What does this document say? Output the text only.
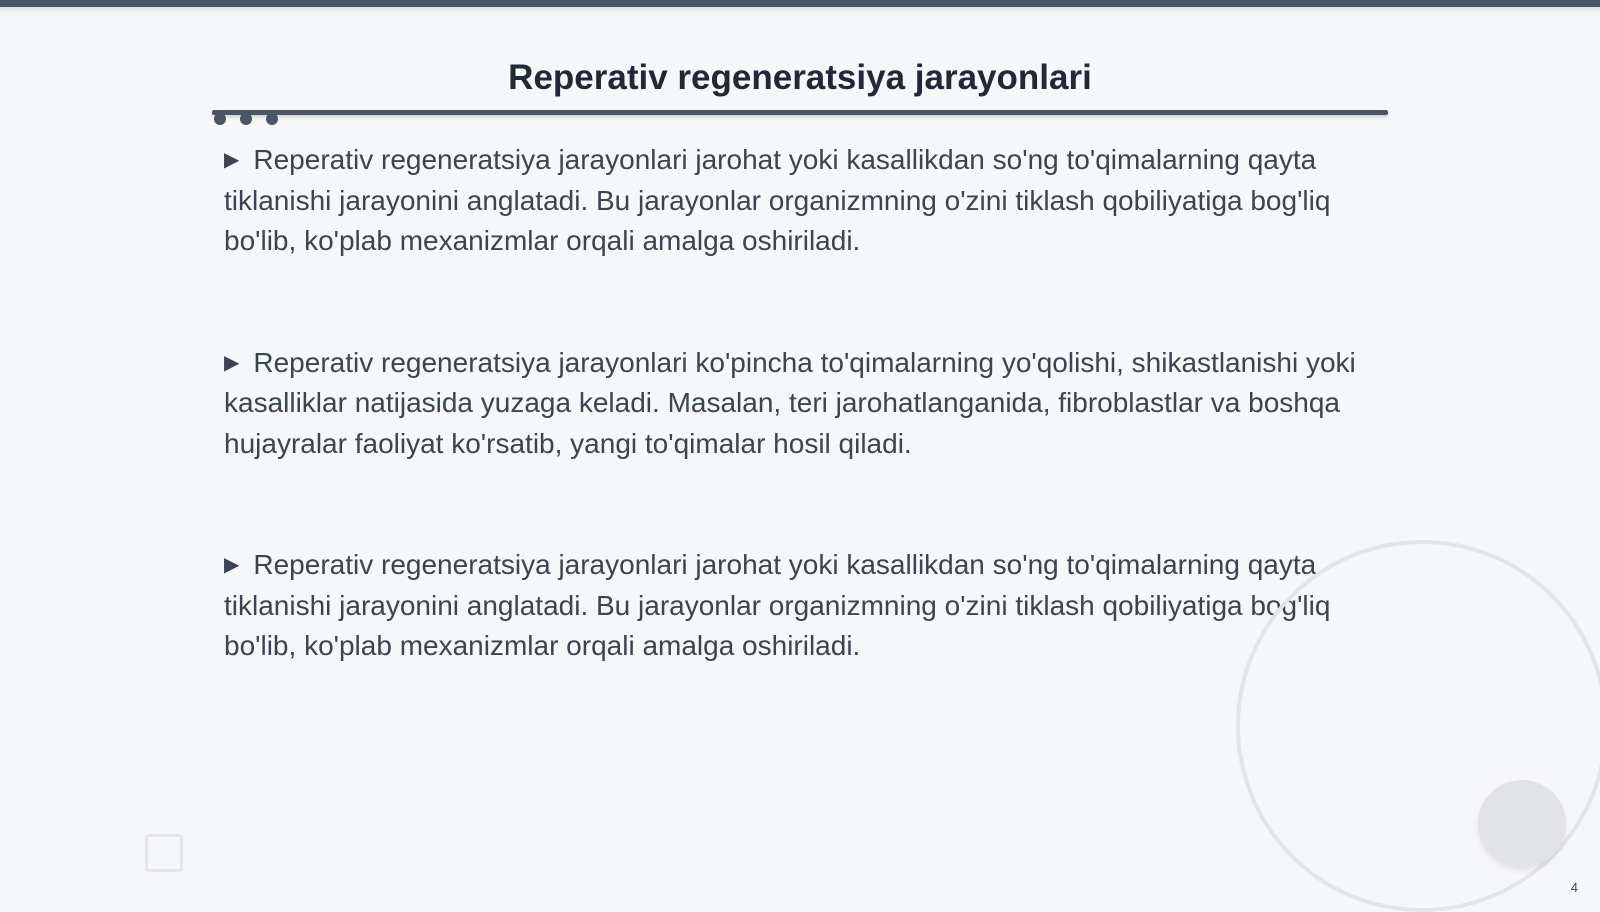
Reperativ regeneratsiya jarayonlari

▶ Reperativ regeneratsiya jarayonlari jarohat yoki kasallikdan so'ng to'qimalarning qayta tiklanishi jarayonini anglatadi. Bu jarayonlar organizmning o'zini tiklash qobiliyatiga bog'liq bo'lib, ko'plab mexanizmlar orqali amalga oshiriladi.

▶ Reperativ regeneratsiya jarayonlari ko'pincha to'qimalarning yo'qolishi, shikastlanishi yoki kasalliklar natijasida yuzaga keladi. Masalan, teri jarohatlanganida, fibroblastlar va boshqa hujayralar faoliyat ko'rsatib, yangi to'qimalar hosil qiladi.

▶ Reperativ regeneratsiya jarayonlari jarohat yoki kasallikdan so'ng to'qimalarning qayta tiklanishi jarayonini anglatadi. Bu jarayonlar organizmning o'zini tiklash qobiliyatiga bog'liq bo'lib, ko'plab mexanizmlar orqali amalga oshiriladi.

4
